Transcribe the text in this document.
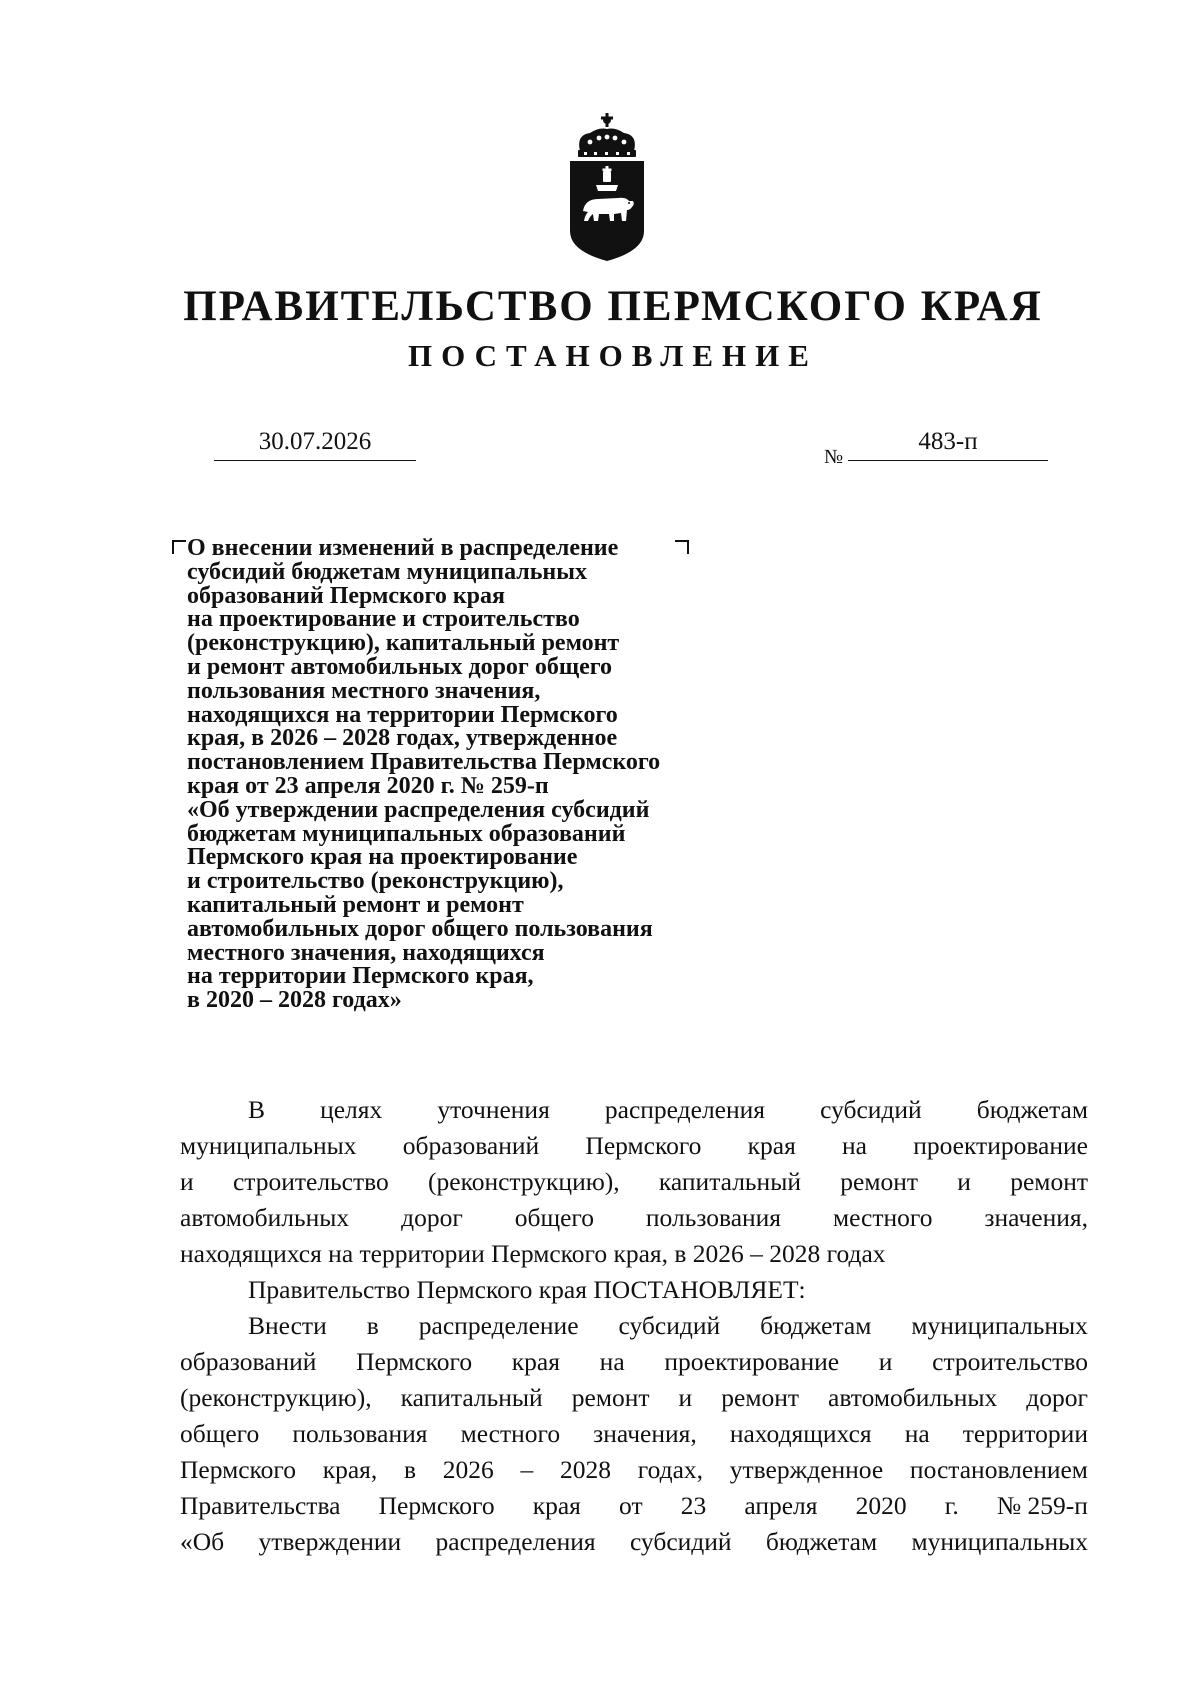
ПРАВИТЕЛЬСТВО ПЕРМСКОГО КРАЯ
ПОСТАНОВЛЕНИЕ
30.07.2026
№
483-п
О внесении изменений в распределение
субсидий бюджетам муниципальных
образований Пермского края
на проектирование и строительство
(реконструкцию), капитальный ремонт
и ремонт автомобильных дорог общего
пользования местного значения,
находящихся на территории Пермского
края, в 2026 – 2028 годах, утвержденное
постановлением Правительства Пермского
края от 23 апреля 2020 г. № 259-п
«Об утверждении распределения субсидий
бюджетам муниципальных образований
Пермского края на проектирование
и строительство (реконструкцию),
капитальный ремонт и ремонт
автомобильных дорог общего пользования
местного значения, находящихся
на территории Пермского края,
в 2020 – 2028 годах»
В целях уточнения распределения субсидий бюджетам
муниципальных образований Пермского края на проектирование
и строительство (реконструкцию), капитальный ремонт и ремонт
автомобильных дорог общего пользования местного значения,
находящихся на территории Пермского края, в 2026 – 2028 годах
Правительство Пермского края ПОСТАНОВЛЯЕТ:
Внести в распределение субсидий бюджетам муниципальных
образований Пермского края на проектирование и строительство
(реконструкцию), капитальный ремонт и ремонт автомобильных дорог
общего пользования местного значения, находящихся на территории
Пермского края, в 2026 – 2028 годах, утвержденное постановлением
Правительства Пермского края от 23 апреля 2020 г. № 259-п
«Об утверждении распределения субсидий бюджетам муниципальных
